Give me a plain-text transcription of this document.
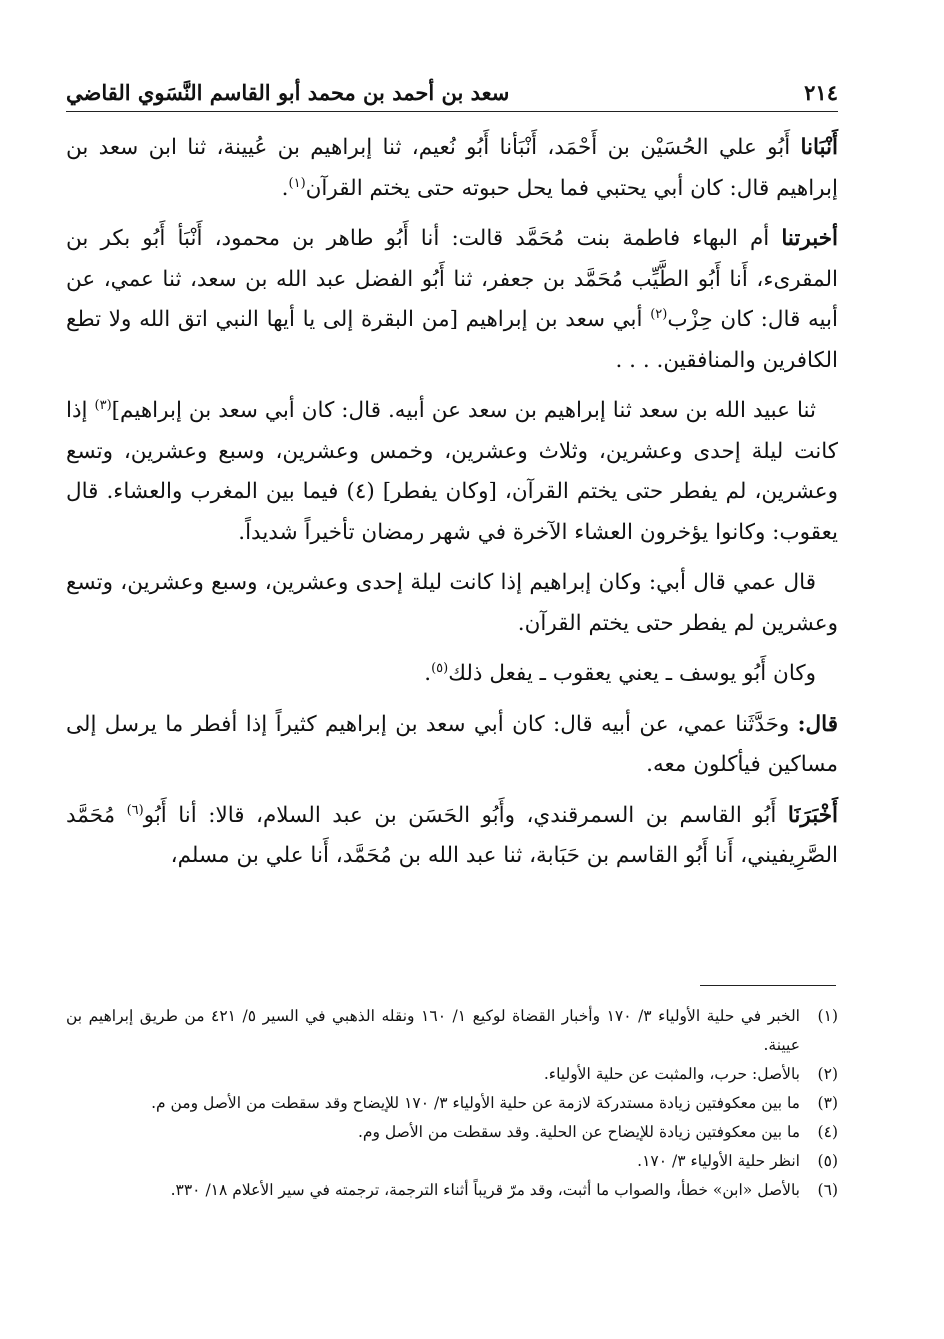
٢١٤
سعد بن أحمد بن محمد أبو القاسم النَّسَوي القاضي

أَنْبَانا أَبُو علي الحُسَيْن بن أَحْمَد، أَنْبَأنا أَبُو نُعيم، ثنا إبراهيم بن عُيينة، ثنا ابن سعد بن إبراهيم قال: كان أبي يحتبي فما يحل حبوته حتى يختم القرآن$^{(١)}$.

أخبرتنا أم البهاء فاطمة بنت مُحَمَّد قالت: أنا أَبُو طاهر بن محمود، أَنْبَأ أَبُو بكر بن المقرىء، أَنا أَبُو الطَّيِّب مُحَمَّد بن جعفر، ثنا أَبُو الفضل عبد الله بن سعد، ثنا عمي، عن أبيه قال: كان حِزْب$^{(٢)}$ أبي سعد بن إبراهيم [من البقرة إلى يا أيها النبي اتق الله ولا تطع الكافرين والمنافقين. . . .

ثنا عبيد الله بن سعد ثنا إبراهيم بن سعد عن أبيه. قال: كان أبي سعد بن إبراهيم]$^{(٣)}$ إذا كانت ليلة إحدى وعشرين، وثلاث وعشرين، وخمس وعشرين، وسبع وعشرين، وتسع وعشرين، لم يفطر حتى يختم القرآن، [وكان يفطر] (٤) فيما بين المغرب والعشاء. قال يعقوب: وكانوا يؤخرون العشاء الآخرة في شهر رمضان تأخيراً شديداً.

قال عمي قال أبي: وكان إبراهيم إذا كانت ليلة إحدى وعشرين، وسبع وعشرين، وتسع وعشرين لم يفطر حتى يختم القرآن.

وكان أَبُو يوسف ـ يعني يعقوب ـ يفعل ذلك$^{(٥)}$.

قال: وحَدَّثَنا عمي، عن أبيه قال: كان أبي سعد بن إبراهيم كثيراً إذا أفطر ما يرسل إلى مساكين فيأكلون معه.

أَخْبَرَنَا أَبُو القاسم بن السمرقندي، وأَبُو الحَسَن بن عبد السلام، قالا: أنا أَبُو$^{(٦)}$ مُحَمَّد الصَّرِيفيني، أَنا أَبُو القاسم بن حَبَابة، ثنا عبد الله بن مُحَمَّد، أَنا علي بن مسلم،

(١)
الخبر في حلية الأولياء ٣/ ١٧٠ وأخبار القضاة لوكيع ١/ ١٦٠ ونقله الذهبي في السير ٥/ ٤٢١ من طريق إبراهيم بن عيينة.
(٢)
بالأصل: حرب، والمثبت عن حلية الأولياء.
(٣)
ما بين معكوفتين زيادة مستدركة لازمة عن حلية الأولياء ٣/ ١٧٠ للإيضاح وقد سقطت من الأصل ومن م.
(٤)
ما بين معكوفتين زيادة للإيضاح عن الحلية. وقد سقطت من الأصل وم.
(٥)
انظر حلية الأولياء ٣/ ١٧٠.
(٦)
بالأصل «ابن» خطأ، والصواب ما أثبت، وقد مرّ قريباً أثناء الترجمة، ترجمته في سير الأعلام ١٨/ ٣٣٠.
